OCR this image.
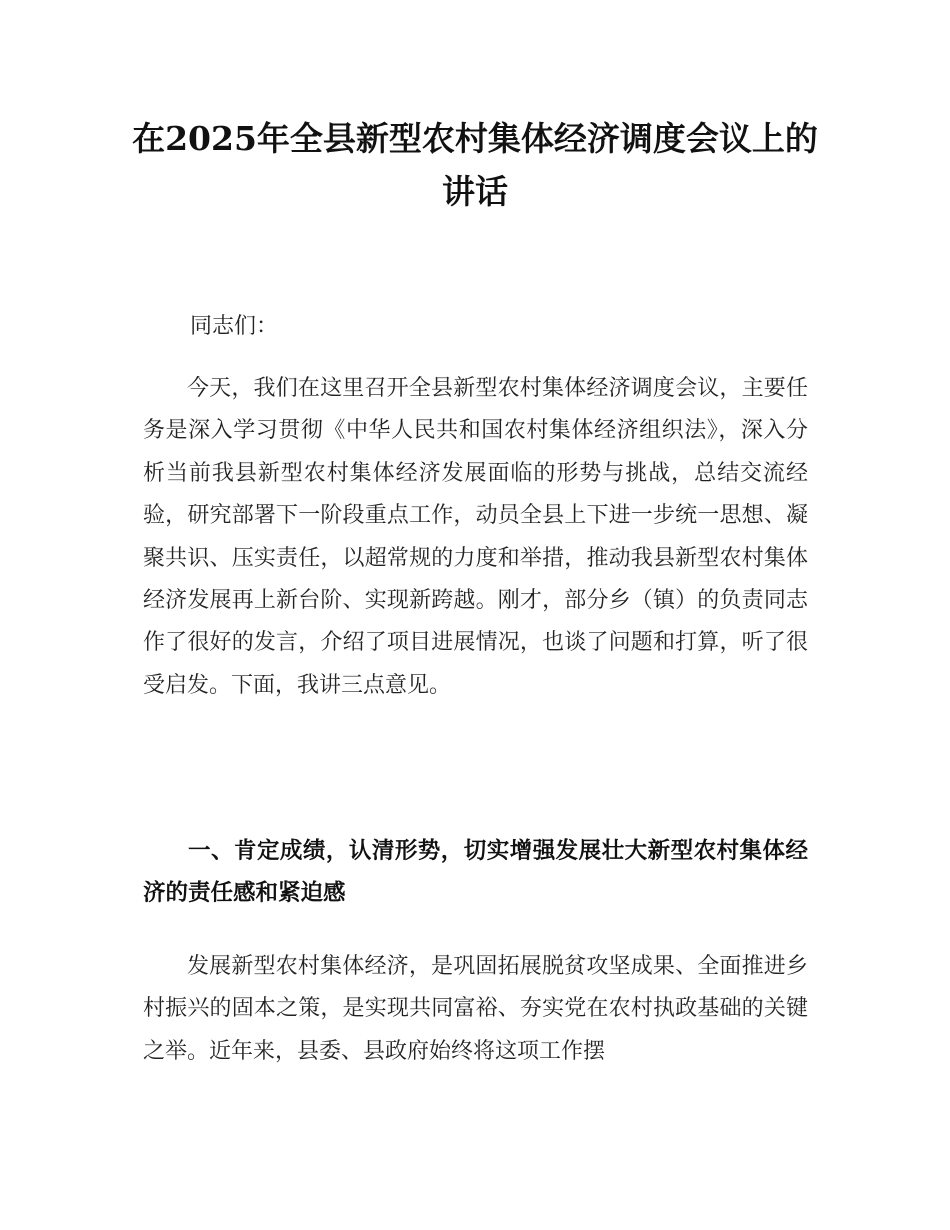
在2025年全县新型农村集体经济调度会议上的讲话

同志们：

今天，我们在这里召开全县新型农村集体经济调度会议，主要任务是深入学习贯彻《中华人民共和国农村集体经济组织法》，深入分析当前我县新型农村集体经济发展面临的形势与挑战，总结交流经验，研究部署下一阶段重点工作，动员全县上下进一步统一思想、凝聚共识、压实责任，以超常规的力度和举措，推动我县新型农村集体经济发展再上新台阶、实现新跨越。刚才，部分乡（镇）的负责同志作了很好的发言，介绍了项目进展情况，也谈了问题和打算，听了很受启发。下面，我讲三点意见。

一、肯定成绩，认清形势，切实增强发展壮大新型农村集体经济的责任感和紧迫感

发展新型农村集体经济，是巩固拓展脱贫攻坚成果、全面推进乡村振兴的固本之策，是实现共同富裕、夯实党在农村执政基础的关键之举。近年来，县委、县政府始终将这项工作摆
